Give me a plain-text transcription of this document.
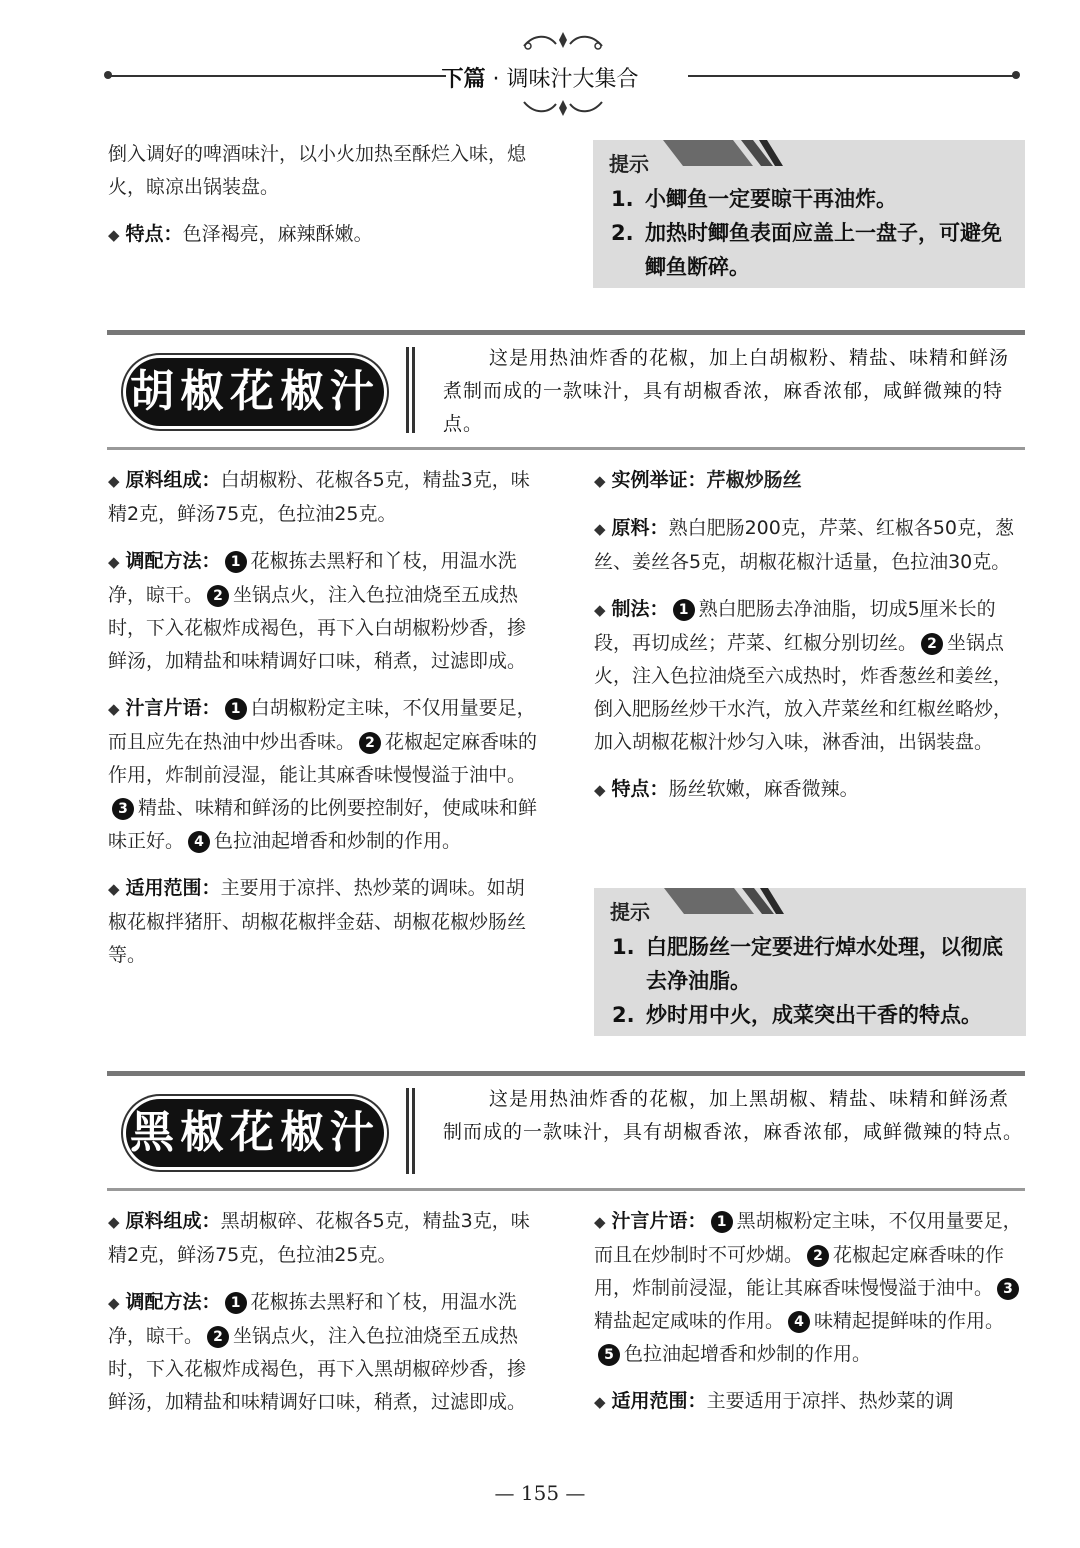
下篇 · 调味汁大集合

倒入调好的啤酒味汁，以小火加热至酥烂入味，熄火，晾凉出锅装盘。

◆ 特点：色泽褐亮，麻辣酥嫩。

提示
1. 小鲫鱼一定要晾干再油炸。
2. 加热时鲫鱼表面应盖上一盘子，可避免鲫鱼断碎。
胡椒花椒汁
这是用热油炸香的花椒，加上白胡椒粉、精盐、味精和鲜汤煮制而成的一款味汁，具有胡椒香浓，麻香浓郁，咸鲜微辣的特点。

◆ 原料组成：白胡椒粉、花椒各5克，精盐3克，味精2克，鲜汤75克，色拉油25克。

◆ 调配方法： 1 花椒拣去黑籽和丫枝，用温水洗净，晾干。 2 坐锅点火，注入色拉油烧至五成热时，下入花椒炸成褐色，再下入白胡椒粉炒香，掺鲜汤，加精盐和味精调好口味，稍煮，过滤即成。

◆ 汁言片语： 1 白胡椒粉定主味，不仅用量要足，而且应先在热油中炒出香味。 2 花椒起定麻香味的作用，炸制前浸湿，能让其麻香味慢慢溢于油中。3 精盐、味精和鲜汤的比例要控制好，使咸味和鲜味正好。 4 色拉油起增香和炒制的作用。

◆ 适用范围：主要用于凉拌、热炒菜的调味。如胡椒花椒拌猪肝、胡椒花椒拌金菇、胡椒花椒炒肠丝等。

◆ 实例举证：芹椒炒肠丝

◆ 原料：熟白肥肠200克，芹菜、红椒各50克，葱丝、姜丝各5克，胡椒花椒汁适量，色拉油30克。

◆ 制法： 1 熟白肥肠去净油脂，切成5厘米长的段，再切成丝；芹菜、红椒分别切丝。 2 坐锅点火，注入色拉油烧至六成热时，炸香葱丝和姜丝，倒入肥肠丝炒干水汽，放入芹菜丝和红椒丝略炒，加入胡椒花椒汁炒匀入味，淋香油，出锅装盘。

◆ 特点：肠丝软嫩，麻香微辣。

提示
1. 白肥肠丝一定要进行焯水处理，以彻底去净油脂。
2. 炒时用中火，成菜突出干香的特点。
黑椒花椒汁
这是用热油炸香的花椒，加上黑胡椒、精盐、味精和鲜汤煮制而成的一款味汁，具有胡椒香浓，麻香浓郁，咸鲜微辣的特点。

◆ 原料组成：黑胡椒碎、花椒各5克，精盐3克，味精2克，鲜汤75克，色拉油25克。

◆ 调配方法： 1 花椒拣去黑籽和丫枝，用温水洗净，晾干。 2 坐锅点火，注入色拉油烧至五成热时，下入花椒炸成褐色，再下入黑胡椒碎炒香，掺鲜汤，加精盐和味精调好口味，稍煮，过滤即成。

◆ 汁言片语： 1 黑胡椒粉定主味，不仅用量要足，而且在炒制时不可炒煳。 2 花椒起定麻香味的作用，炸制前浸湿，能让其麻香味慢慢溢于油中。 3精盐起定咸味的作用。 4 味精起提鲜味的作用。5 色拉油起增香和炒制的作用。

◆ 适用范围：主要适用于凉拌、热炒菜的调

— 155 —
